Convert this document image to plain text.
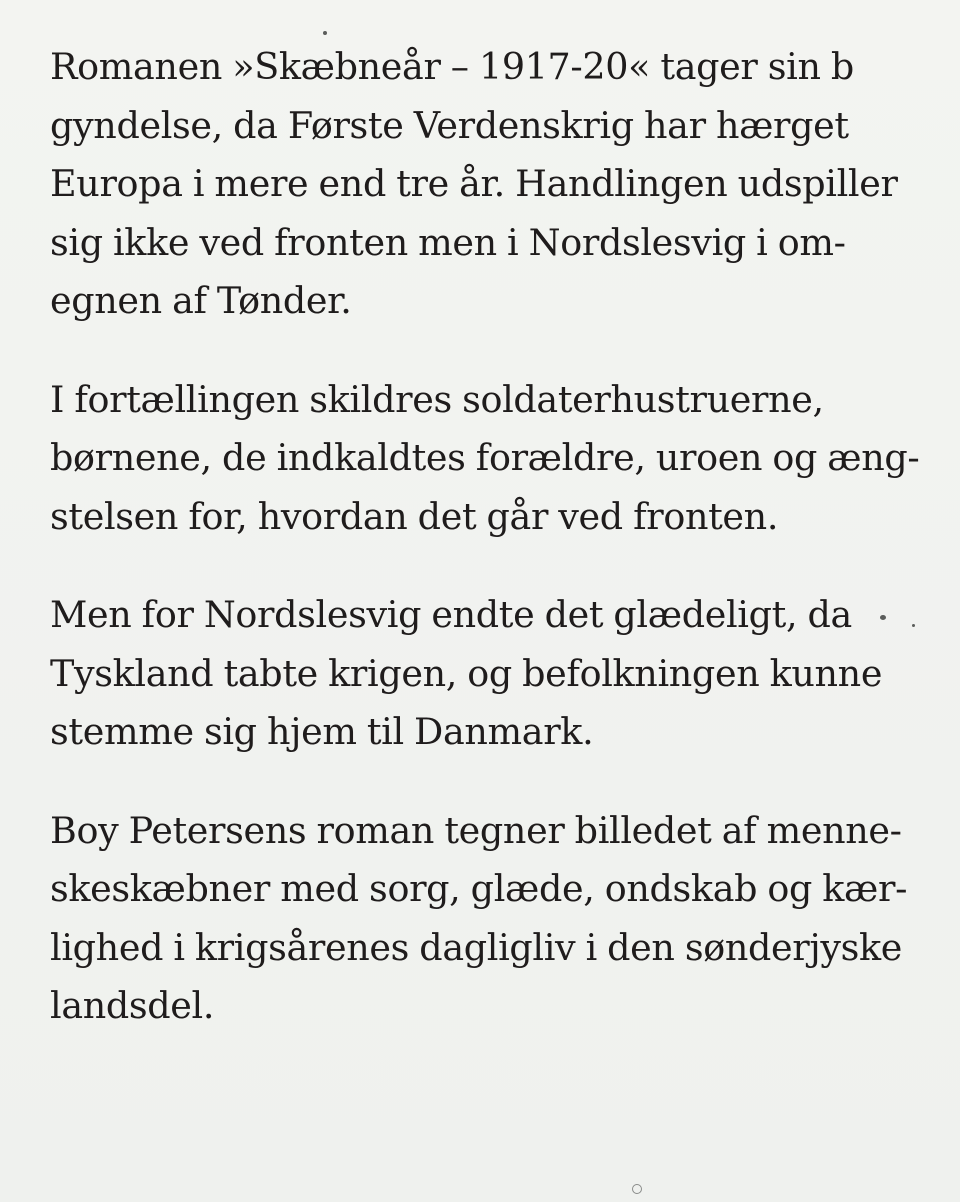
Romanen »Skæbneår – 1917-20« tager sin b
gyndelse, da Første Verdenskrig har hærget
Europa i mere end tre år. Handlingen udspiller
sig ikke ved fronten men i Nordslesvig i om-
egnen af Tønder.
I fortællingen skildres soldaterhustruerne,
børnene, de indkaldtes forældre, uroen og æng-
stelsen for, hvordan det går ved fronten.
Men for Nordslesvig endte det glædeligt, da
Tyskland tabte krigen, og befolkningen kunne
stemme sig hjem til Danmark.
Boy Petersens roman tegner billedet af menne-
skeskæbner med sorg, glæde, ondskab og kær-
lighed i krigsårenes dagligliv i den sønderjyske
landsdel.
